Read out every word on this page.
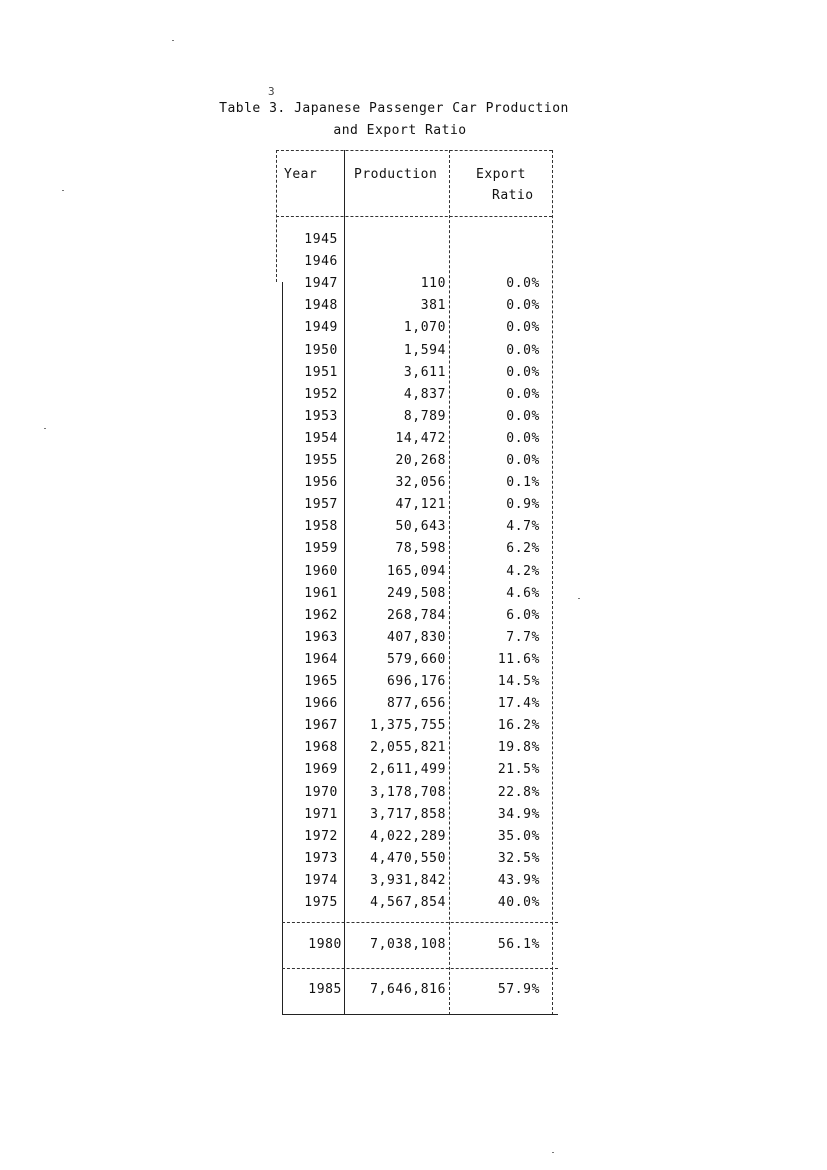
3
Table 3. Japanese Passenger Car Production
and Export Ratio
Year	Production	Export
Ratio
1945
1946
1947	110	0.0%
1948	381	0.0%
1949	1,070	0.0%
1950	1,594	0.0%
1951	3,611	0.0%
1952	4,837	0.0%
1953	8,789	0.0%
1954	14,472	0.0%
1955	20,268	0.0%
1956	32,056	0.1%
1957	47,121	0.9%
1958	50,643	4.7%
1959	78,598	6.2%
1960	165,094	4.2%
1961	249,508	4.6%
1962	268,784	6.0%
1963	407,830	7.7%
1964	579,660	11.6%
1965	696,176	14.5%
1966	877,656	17.4%
1967	1,375,755	16.2%
1968	2,055,821	19.8%
1969	2,611,499	21.5%
1970	3,178,708	22.8%
1971	3,717,858	34.9%
1972	4,022,289	35.0%
1973	4,470,550	32.5%
1974	3,931,842	43.9%
1975	4,567,854	40.0%
1980	7,038,108	56.1%
1985	7,646,816	57.9%
